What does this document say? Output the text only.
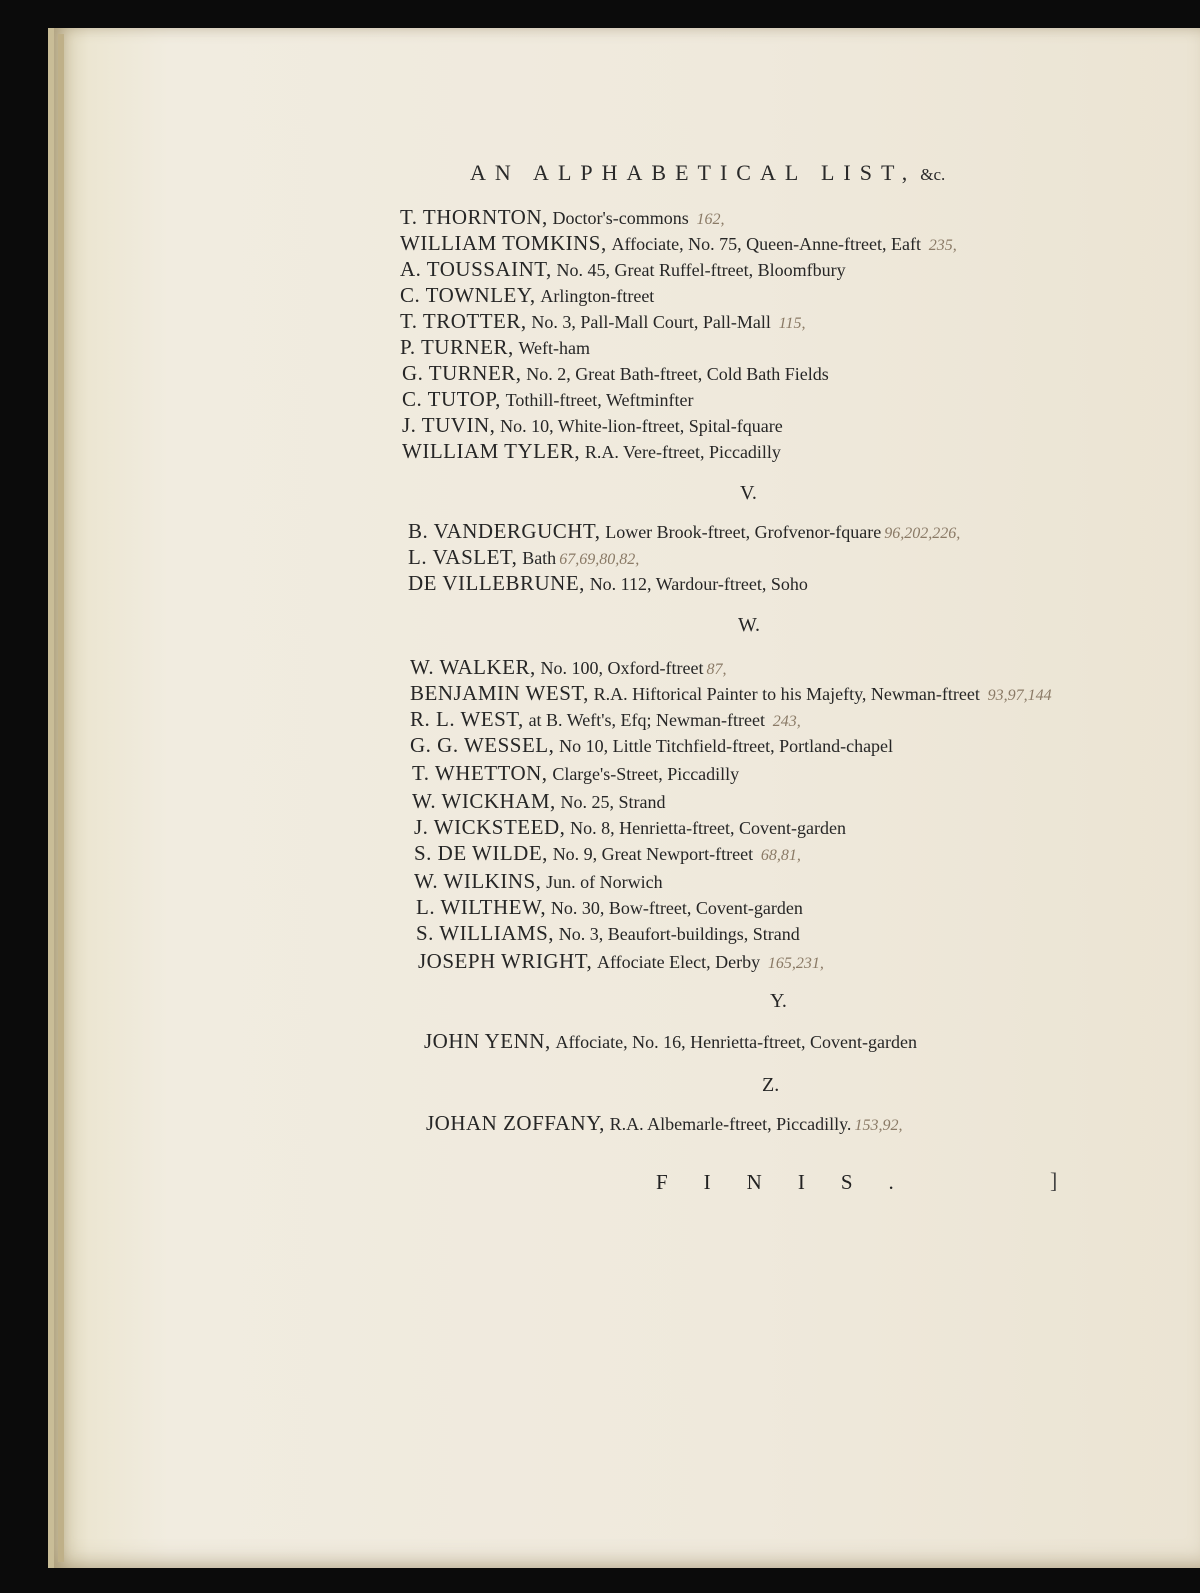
AN ALPHABETICAL LIST, &c.
T. THORNTON, Doctor's-commons 162,
WILLIAM TOMKINS, Affociate, No. 75, Queen-Anne-ftreet, Eaft 235,
A. TOUSSAINT, No. 45, Great Ruffel-ftreet, Bloomfbury
C. TOWNLEY, Arlington-ftreet
T. TROTTER, No. 3, Pall-Mall Court, Pall-Mall 115,
P. TURNER, Weft-ham
G. TURNER, No. 2, Great Bath-ftreet, Cold Bath Fields
C. TUTOP, Tothill-ftreet, Weftminfter
J. TUVIN, No. 10, White-lion-ftreet, Spital-fquare
WILLIAM TYLER, R.A. Vere-ftreet, Piccadilly
V.
B. VANDERGUCHT, Lower Brook-ftreet, Grofvenor-fquare 96,202,226,
L. VASLET, Bath 67,69,80,82,
DE VILLEBRUNE, No. 112, Wardour-ftreet, Soho
W.
W. WALKER, No. 100, Oxford-ftreet 87,
BENJAMIN WEST, R.A. Hiftorical Painter to his Majefty, Newman-ftreet 93,97,144
R. L. WEST, at B. Weft's, Efq; Newman-ftreet 243,
G. G. WESSEL, No 10, Little Titchfield-ftreet, Portland-chapel
T. WHETTON, Clarge's-Street, Piccadilly
W. WICKHAM, No. 25, Strand
J. WICKSTEED, No. 8, Henrietta-ftreet, Covent-garden
S. DE WILDE, No. 9, Great Newport-ftreet 68,81,
W. WILKINS, Jun. of Norwich
L. WILTHEW, No. 30, Bow-ftreet, Covent-garden
S. WILLIAMS, No. 3, Beaufort-buildings, Strand
JOSEPH WRIGHT, Affociate Elect, Derby 165,231,
Y.
JOHN YENN, Affociate, No. 16, Henrietta-ftreet, Covent-garden
Z.
JOHAN ZOFFANY, R.A. Albemarle-ftreet, Piccadilly. 153,92,
FINIS.	]
